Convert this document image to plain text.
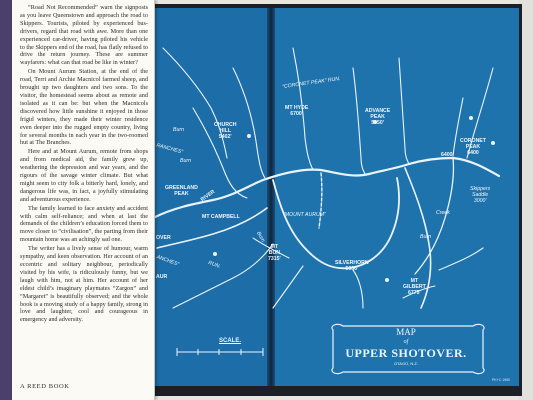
“CORONET PEAK” RUN.
MT HYDE
6700'	ADVANCE
PEAK
5650'
CHURCH
HILL
5402'
RANCHES”
GREENLAND
PEAK
MT CAMPBELL
RIVER
“MOUNT AURUM”
MT
BUN
7315'
SILVERHORN
5686'
MT
GILBERT
6775'
CORONET
PEAK
6400
6400
Skippers
Saddle
3000'
ANCHES”	RUN.
OVER
AUR
Burn
Burn
Burn	Burn
Creek
MAP
of
UPPER SHOTOVER.
OTAGO, N.Z.
SCALE.
PK+C 1960

“Road Not Recommended” warn the signposts as you leave Queenstown and approach the road to Skippers. Tourists, piloted by experienced bus-drivers, regard that road with awe. More than one experienced car-driver, having piloted his vehicle to the Skippers end of the road, has flatly refused to drive the return journey. These are summer wayfarers: what can that road be like in winter?

On Mount Aurum Station, at the end of the road, Terri and Archie Macnicol farmed sheep, and brought up two daughters and two sons. To the visitor, the homestead seems about as remote and isolated as it can be: but when the Macnicols discovered how little sunshine it enjoyed in those frigid winters, they made their winter residence even deeper into the rugged empty country, living for several months in each year in the two-roomed hut at The Branches.

Here and at Mount Aurum, remote from shops and from medical aid, the family grew up, weathering the depression and war years, and the rigours of the savage winter climate. But what might seem to city folk a bitterly hard, lonely, and dangerous life was, in fact, a joyfully stimulating and adventurous experience.

The family learned to face anxiety and accident with calm self-reliance; and when at last the demands of the children’s education forced them to move closer to “civilisation”, the parting from their mountain home was an achingly sad one.

The writer has a lively sense of humour, warm sympathy, and keen observation. Her account of an eccentric and solitary neighbour, periodically visited by his wife, is ridiculously funny, but we laugh with him, not at him. Her account of her eldest child’s imaginary playmates “Zargon” and “Margaret” is beautifully observed; and the whole book is a moving study of a happy family, strong in love and laughter, cool and courageous in emergency and adversity.

A REED BOOK
